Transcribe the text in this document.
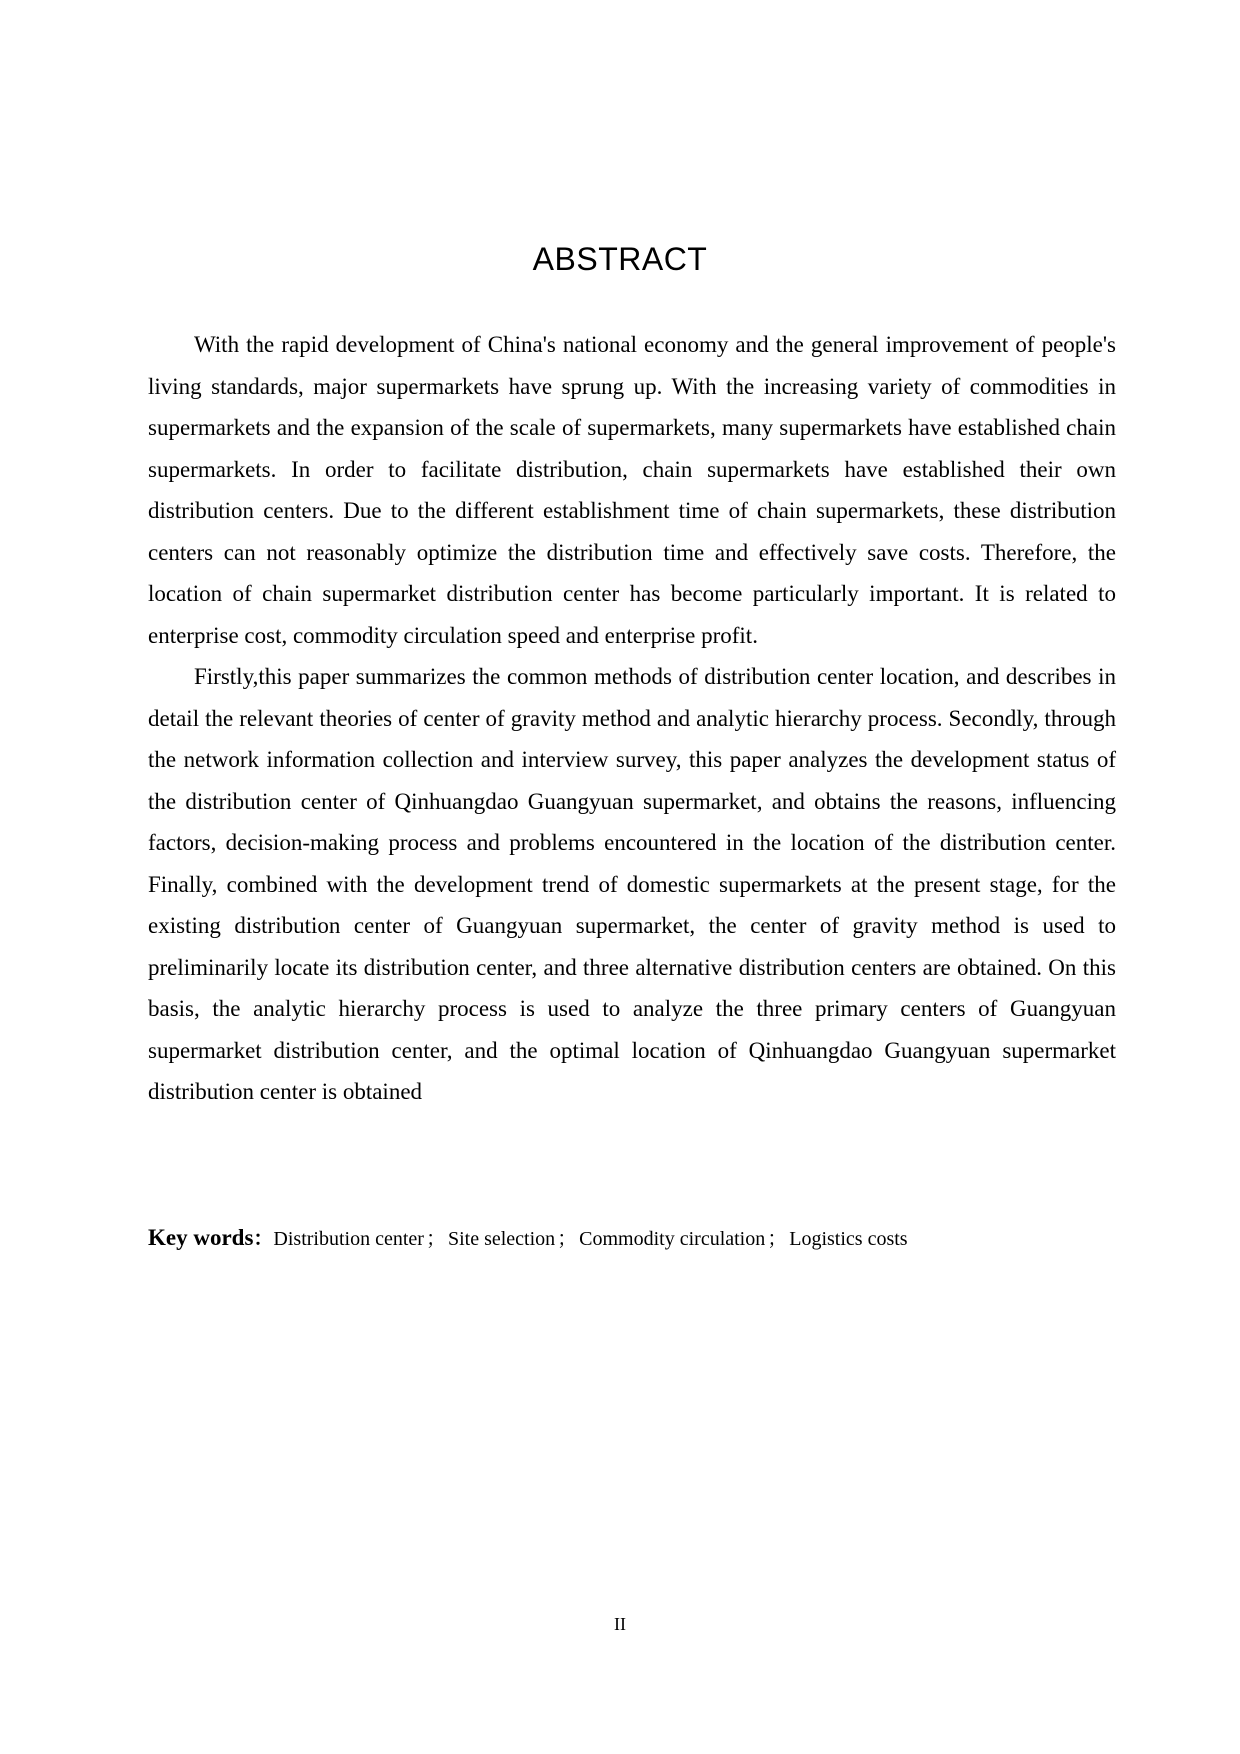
ABSTRACT

With the rapid development of China's national economy and the general improvement of people's living standards, major supermarkets have sprung up. With the increasing variety of commodities in supermarkets and the expansion of the scale of supermarkets, many supermarkets have established chain supermarkets. In order to facilitate distribution, chain supermarkets have established their own distribution centers. Due to the different establishment time of chain supermarkets, these distribution centers can not reasonably optimize the distribution time and effectively save costs. Therefore, the location of chain supermarket distribution center has become particularly important. It is related to enterprise cost, commodity circulation speed and enterprise profit.

Firstly,this paper summarizes the common methods of distribution center location, and describes in detail the relevant theories of center of gravity method and analytic hierarchy process. Secondly, through the network information collection and interview survey, this paper analyzes the development status of the distribution center of Qinhuangdao Guangyuan supermarket, and obtains the reasons, influencing factors, decision-making process and problems encountered in the location of the distribution center. Finally, combined with the development trend of domestic supermarkets at the present stage, for the existing distribution center of Guangyuan supermarket, the center of gravity method is used to preliminarily locate its distribution center, and three alternative distribution centers are obtained. On this basis, the analytic hierarchy process is used to analyze the three primary centers of Guangyuan supermarket distribution center, and the optimal location of Qinhuangdao Guangyuan supermarket distribution center is obtained

Key words：Distribution center ； Site selection ； Commodity circulation ； Logistics costs

II
